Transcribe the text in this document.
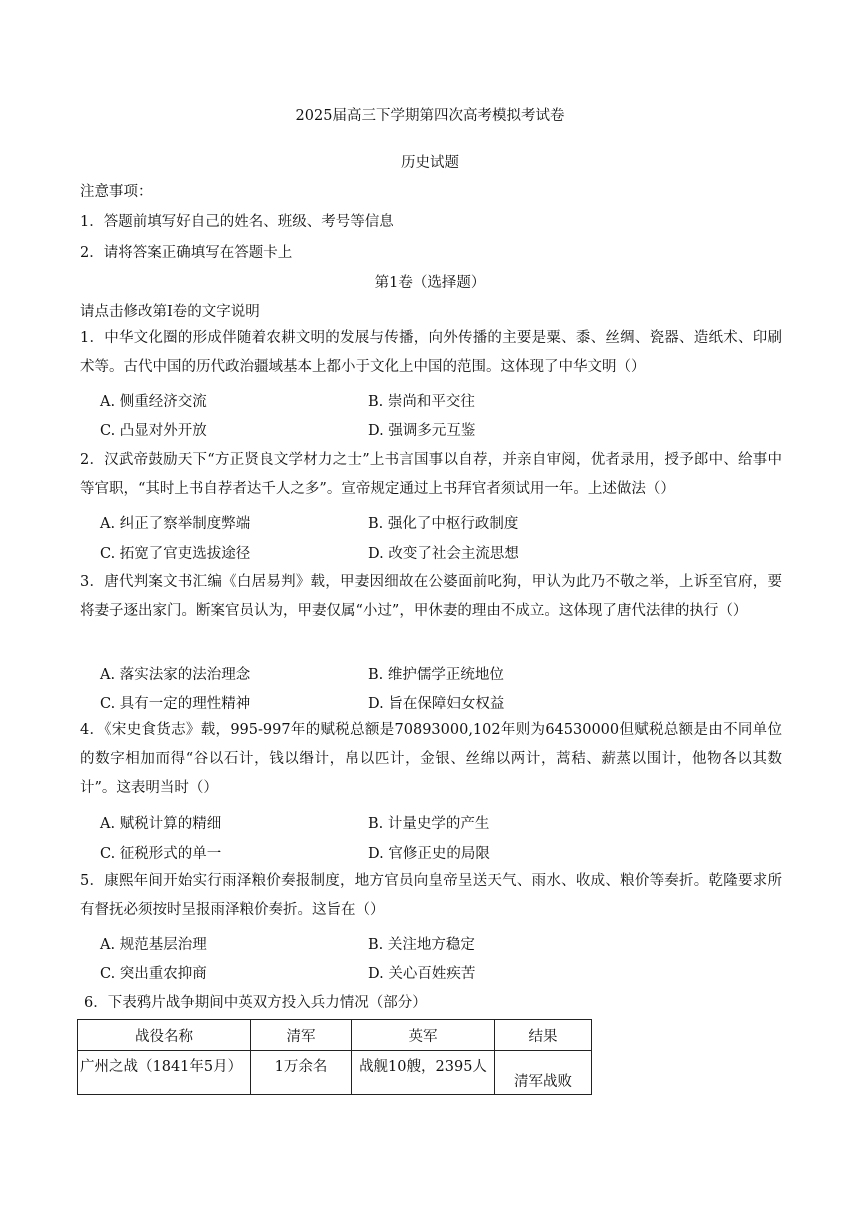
2025届高三下学期第四次高考模拟考试卷
历史试题
注意事项：
1．答题前填写好自己的姓名、班级、考号等信息
2．请将答案正确填写在答题卡上
第1卷（选择题）
请点击修改第I卷的文字说明
1．中华文化圈的形成伴随着农耕文明的发展与传播，向外传播的主要是粟、黍、丝绸、瓷器、造纸术、印刷术等。古代中国的历代政治疆域基本上都小于文化上中国的范围。这体现了中华文明（）
A. 侧重经济交流	B. 崇尚和平交往
C. 凸显对外开放	D. 强调多元互鉴
2．汉武帝鼓励天下“方正贤良文学材力之士”上书言国事以自荐，并亲自审阅，优者录用，授予郎中、给事中等官职，“其时上书自荐者达千人之多”。宣帝规定通过上书拜官者须试用一年。上述做法（）
A. 纠正了察举制度弊端	B. 强化了中枢行政制度
C. 拓宽了官吏选拔途径	D. 改变了社会主流思想
3．唐代判案文书汇编《白居易判》载，甲妻因细故在公婆面前叱狗，甲认为此乃不敬之举，上诉至官府，要将妻子逐出家门。断案官员认为，甲妻仅属“小过”，甲休妻的理由不成立。这体现了唐代法律的执行（）
A. 落实法家的法治理念	B. 维护儒学正统地位
C. 具有一定的理性精神	D. 旨在保障妇女权益
4．《宋史食货志》载，995-997年的赋税总额是70893000,102年则为64530000但赋税总额是由不同单位的数字相加而得“谷以石计，钱以缗计，帛以匹计，金银、丝绵以两计，蒿秸、薪蒸以围计，他物各以其数计”。这表明当时（）
A. 赋税计算的精细	B. 计量史学的产生
C. 征税形式的单一	D. 官修正史的局限
5．康熙年间开始实行雨泽粮价奏报制度，地方官员向皇帝呈送天气、雨水、收成、粮价等奏折。乾隆要求所有督抚必须按时呈报雨泽粮价奏折。这旨在（）
A. 规范基层治理	B. 关注地方稳定
C. 突出重农抑商	D. 关心百姓疾苦
6．下表鸦片战争期间中英双方投入兵力情况（部分）
战役名称	清军	英军	结果
广州之战（1841年5月）	1万余名	战舰10艘，2395人	清军战败
